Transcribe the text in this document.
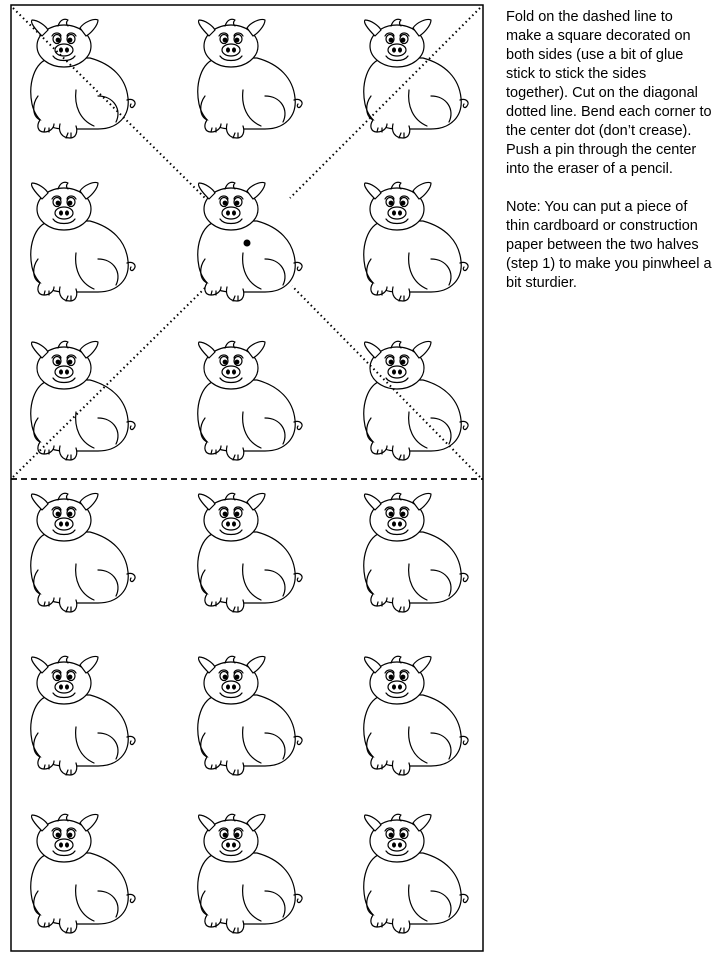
Fold on the dashed line to make a square decorated on both sides (use a bit of glue stick to stick the sides together). Cut on the diagonal dotted line. Bend each corner to the center dot (don’t crease). Push a pin through the center into the eraser of a pencil.

Note: You can put a piece of thin cardboard or construction paper between the two halves (step 1) to make you pinwheel a bit sturdier.
